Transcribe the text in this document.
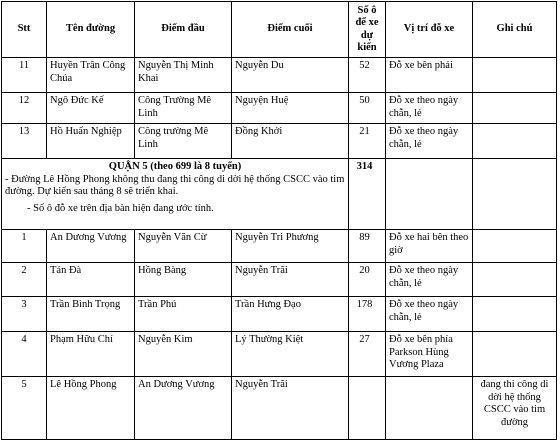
Stt	Tên đường	Điểm đầu	Điểm cuối	Số ô để xe dự kiến	Vị trí đỗ xe	Ghi chú
11	Huyền Trân Công Chúa	Nguyễn Thị Minh Khai	Nguyễn Du	52	Đỗ xe bên phải	
12	Ngô Đức Kế	Công Trường Mê Linh	Nguyện Huệ	50	Đỗ xe theo ngày chẵn, lẻ	
13	Hồ Huấn Nghiệp	Công trường Mê Linh	Đồng Khởi	21	Đỗ xe theo ngày chẵn, lẻ	

QUẬN 5 (theo 699 là 8 tuyến)
- Đường Lê Hồng Phong không thu đang thi công di dời hệ thống CSCC vào tim đường. Dự kiến sau tháng 8 sẽ triển khai.
- Số ô đỗ xe trên địa bàn hiện đang ước tính.				314		
1	An Dương Vương	Nguyễn Văn Cừ	Nguyễn Tri Phương	89	Đỗ xe hai bên theo giờ	
2	Tản Đà	Hồng Bàng	Nguyễn Trãi	20	Đỗ xe theo ngày chẵn, lẻ	
3	Trần Bình Trọng	Trần Phú	Trần Hưng Đạo	178	Đỗ xe theo ngày chẵn, lẻ	
4	Phạm Hữu Chí	Nguyễn Kim	Lý Thường Kiệt	27	Đỗ xe bên phía Parkson Hùng Vương Plaza	
5	Lê Hồng Phong	An Dương Vương	Nguyễn Trãi			đang thi công di dời hệ thống CSCC vào tim đường
